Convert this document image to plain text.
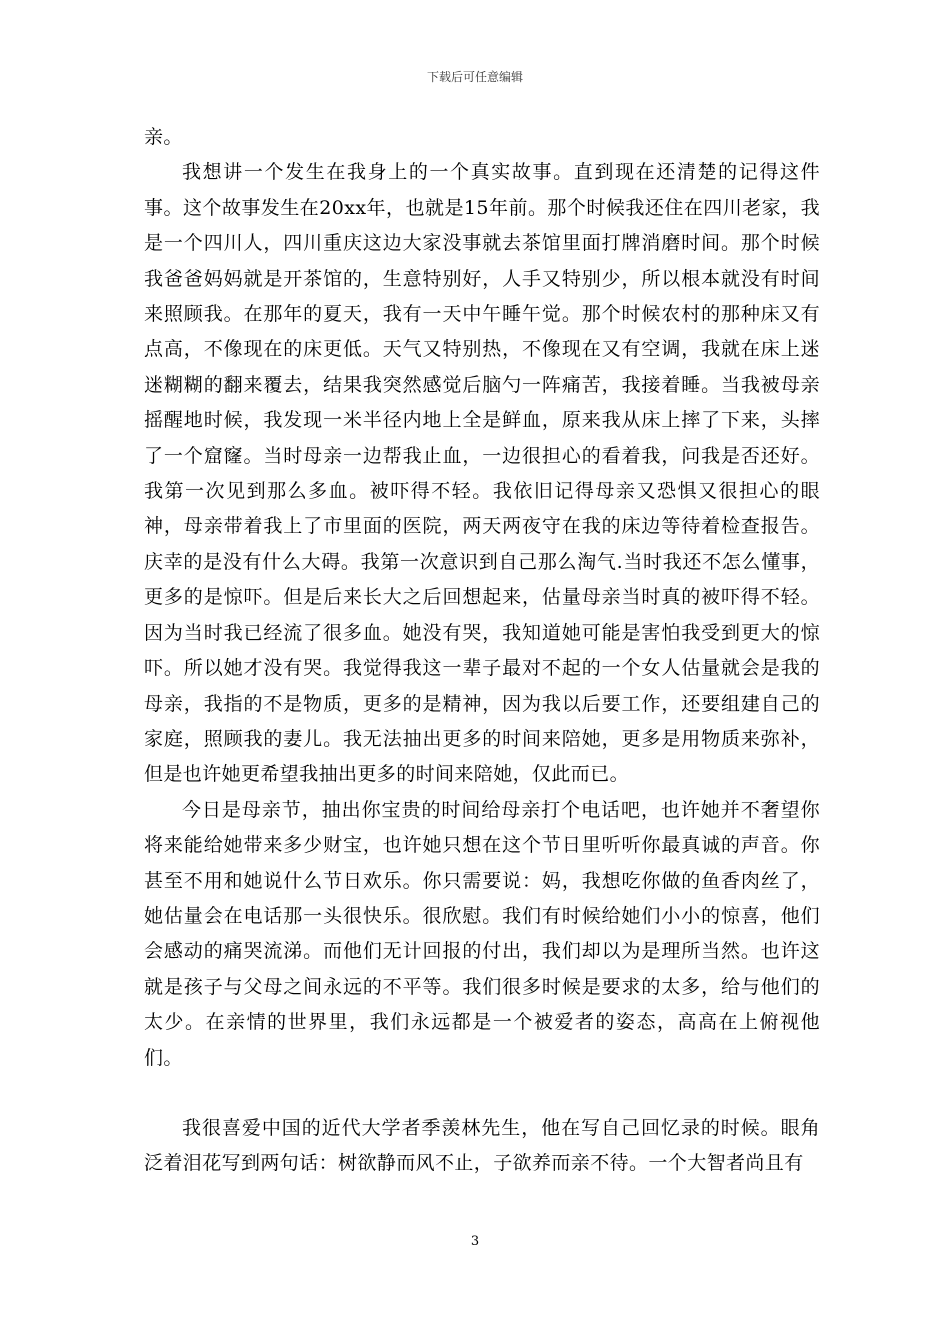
下载后可任意编辑

亲。

我想讲一个发生在我身上的一个真实故事。直到现在还清楚的记得这件事。这个故事发生在20xx年，也就是15年前。那个时候我还住在四川老家，我是一个四川人，四川重庆这边大家没事就去茶馆里面打牌消磨时间。那个时候我爸爸妈妈就是开茶馆的，生意特别好，人手又特别少，所以根本就没有时间来照顾我。在那年的夏天，我有一天中午睡午觉。那个时候农村的那种床又有点高，不像现在的床更低。天气又特别热，不像现在又有空调，我就在床上迷迷糊糊的翻来覆去，结果我突然感觉后脑勺一阵痛苦，我接着睡。当我被母亲摇醒地时候，我发现一米半径内地上全是鲜血，原来我从床上摔了下来，头摔了一个窟窿。当时母亲一边帮我止血，一边很担心的看着我，问我是否还好。我第一次见到那么多血。被吓得不轻。我依旧记得母亲又恐惧又很担心的眼神，母亲带着我上了市里面的医院，两天两夜守在我的床边等待着检查报告。庆幸的是没有什么大碍。我第一次意识到自己那么淘气.当时我还不怎么懂事，更多的是惊吓。但是后来长大之后回想起来，估量母亲当时真的被吓得不轻。因为当时我已经流了很多血。她没有哭，我知道她可能是害怕我受到更大的惊吓。所以她才没有哭。我觉得我这一辈子最对不起的一个女人估量就会是我的母亲，我指的不是物质，更多的是精神，因为我以后要工作，还要组建自己的家庭，照顾我的妻儿。我无法抽出更多的时间来陪她，更多是用物质来弥补，但是也许她更希望我抽出更多的时间来陪她，仅此而已。

今日是母亲节，抽出你宝贵的时间给母亲打个电话吧，也许她并不奢望你将来能给她带来多少财宝，也许她只想在这个节日里听听你最真诚的声音。你甚至不用和她说什么节日欢乐。你只需要说：妈，我想吃你做的鱼香肉丝了，她估量会在电话那一头很快乐。很欣慰。我们有时候给她们小小的惊喜，他们会感动的痛哭流涕。而他们无计回报的付出，我们却以为是理所当然。也许这就是孩子与父母之间永远的不平等。我们很多时候是要求的太多，给与他们的太少。在亲情的世界里，我们永远都是一个被爱者的姿态，高高在上俯视他们。

我很喜爱中国的近代大学者季羡林先生，他在写自己回忆录的时候。眼角泛着泪花写到两句话：树欲静而风不止，子欲养而亲不待。一个大智者尚且有

3
